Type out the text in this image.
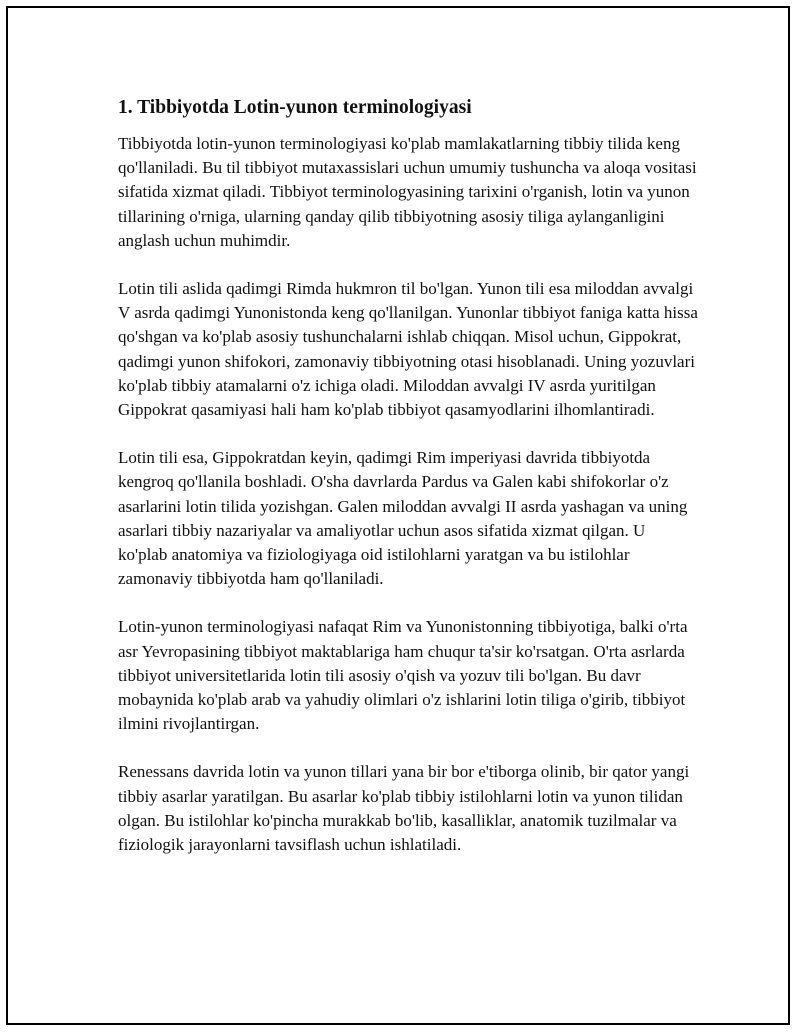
1. Tibbiyotda Lotin-yunon terminologiyasi

Tibbiyotda lotin-yunon terminologiyasi ko'plab mamlakatlarning tibbiy tilida keng qo'llaniladi. Bu til tibbiyot mutaxassislari uchun umumiy tushuncha va aloqa vositasi sifatida xizmat qiladi. Tibbiyot terminologyasining tarixini o'rganish, lotin va yunon tillarining o'rniga, ularning qanday qilib tibbiyotning asosiy tiliga aylanganligini anglash uchun muhimdir.

Lotin tili aslida qadimgi Rimda hukmron til bo'lgan. Yunon tili esa miloddan avvalgi V asrda qadimgi Yunonistonda keng qo'llanilgan. Yunonlar tibbiyot faniga katta hissa qo'shgan va ko'plab asosiy tushunchalarni ishlab chiqqan. Misol uchun, Gippokrat, qadimgi yunon shifokori, zamonaviy tibbiyotning otasi hisoblanadi. Uning yozuvlari ko'plab tibbiy atamalarni o'z ichiga oladi. Miloddan avvalgi IV asrda yuritilgan Gippokrat qasamiyasi hali ham ko'plab tibbiyot qasamyodlarini ilhomlantiradi.

Lotin tili esa, Gippokratdan keyin, qadimgi Rim imperiyasi davrida tibbiyotda kengroq qo'llanila boshladi. O'sha davrlarda Pardus va Galen kabi shifokorlar o'z asarlarini lotin tilida yozishgan. Galen miloddan avvalgi II asrda yashagan va uning asarlari tibbiy nazariyalar va amaliyotlar uchun asos sifatida xizmat qilgan. U ko'plab anatomiya va fiziologiyaga oid istilohlarni yaratgan va bu istilohlar zamonaviy tibbiyotda ham qo'llaniladi.

Lotin-yunon terminologiyasi nafaqat Rim va Yunonistonning tibbiyotiga, balki o'rta asr Yevropasining tibbiyot maktablariga ham chuqur ta'sir ko'rsatgan. O'rta asrlarda tibbiyot universitetlarida lotin tili asosiy o'qish va yozuv tili bo'lgan. Bu davr mobaynida ko'plab arab va yahudiy olimlari o'z ishlarini lotin tiliga o'girib, tibbiyot ilmini rivojlantirgan.

Renessans davrida lotin va yunon tillari yana bir bor e'tiborga olinib, bir qator yangi tibbiy asarlar yaratilgan. Bu asarlar ko'plab tibbiy istilohlarni lotin va yunon tilidan olgan. Bu istilohlar ko'pincha murakkab bo'lib, kasalliklar, anatomik tuzilmalar va fiziologik jarayonlarni tavsiflash uchun ishlatiladi.
